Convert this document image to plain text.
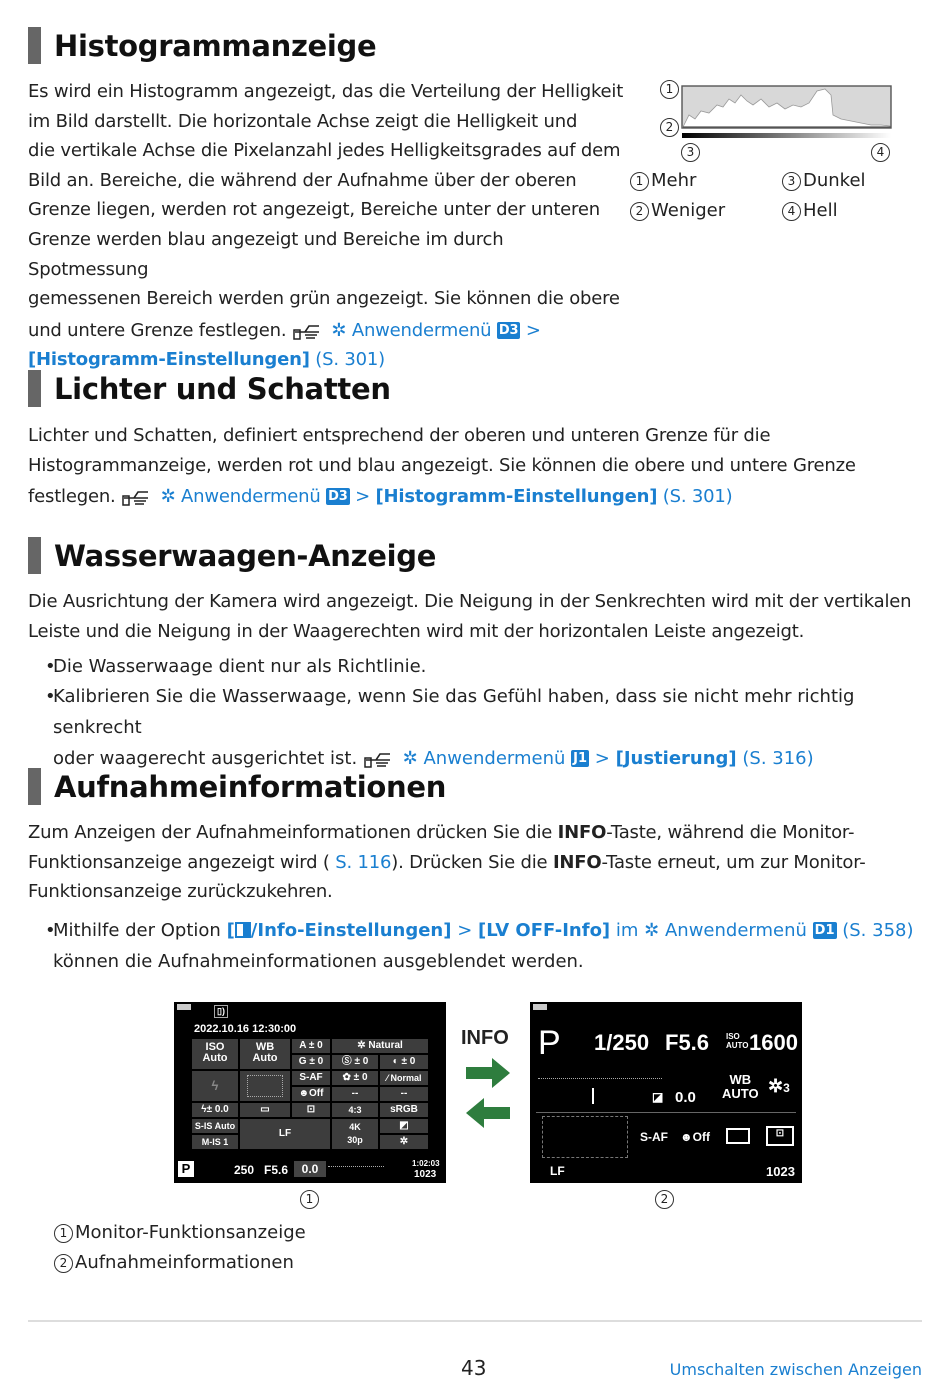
Histogrammanzeige
Es wird ein Histogramm angezeigt, das die Verteilung der Helligkeit
im Bild darstellt. Die horizontale Achse zeigt die Helligkeit und
die vertikale Achse die Pixelanzahl jedes Helligkeitsgrades auf dem
Bild an. Bereiche, die während der Aufnahme über der oberen
Grenze liegen, werden rot angezeigt, Bereiche unter der unteren
Grenze werden blau angezeigt und Bereiche im durch Spotmessung
gemessenen Bereich werden grün angezeigt. Sie können die obere
und untere Grenze festlegen.	✲ Anwendermenü D3 >
[Histogramm-Einstellungen] (S. 301)
1
2
3	4
1 Mehr
2 Weniger
3 Dunkel
4 Hell
Lichter und Schatten
Lichter und Schatten, definiert entsprechend der oberen und unteren Grenze für die
Histogrammanzeige, werden rot und blau angezeigt. Sie können die obere und untere Grenze
festlegen.	✲ Anwendermenü D3 > [Histogramm-Einstellungen] (S. 301)
Wasserwaagen-Anzeige
Die Ausrichtung der Kamera wird angezeigt. Die Neigung in der Senkrechten wird mit der vertikalen
Leiste und die Neigung in der Waagerechten wird mit der horizontalen Leiste angezeigt.
• Die Wasserwaage dient nur als Richtlinie.
• Kalibrieren Sie die Wasserwaage, wenn Sie das Gefühl haben, dass sie nicht mehr richtig senkrecht
oder waagerecht ausgerichtet ist.	✲ Anwendermenü J1 > [Justierung] (S. 316)
Aufnahmeinformationen
Zum Anzeigen der Aufnahmeinformationen drücken Sie die INFO-Taste, während die Monitor-
Funktionsanzeige angezeigt wird ( S. 116). Drücken Sie die INFO-Taste erneut, um zur Monitor-
Funktionsanzeige zurückzukehren.
• Mithilfe der Option [ /Info-Einstellungen] > [LV OFF-Info] im ✲ Anwendermenü D1 (S. 358)
können die Aufnahmeinformationen ausgeblendet werden.
▯)
2022.10.16 12:30:00
ISO
Auto
WB
Auto
A ± 0
G ± 0
✲ Natural
Ⓢ ± 0	◐ ± 0
S-AF	✿ ± 0	⁄ Normal
ϟ
☻Off	--	--
ϟ± 0.0	▭	⊡	4:3	sRGB
S-IS Auto
M-IS 1
LF
4K
30p
◩
✲
P	250 F5.6	0.0	1:02:03
1023
INFO P 1/250 F5.6 ISO AUTO 1600
◪ 0.0
WB
AUTO ✲3
S-AF ☻Off	⊡
LF	1023
1	2
1 Monitor-Funktionsanzeige
2 Aufnahmeinformationen
43	Umschalten zwischen Anzeigen
